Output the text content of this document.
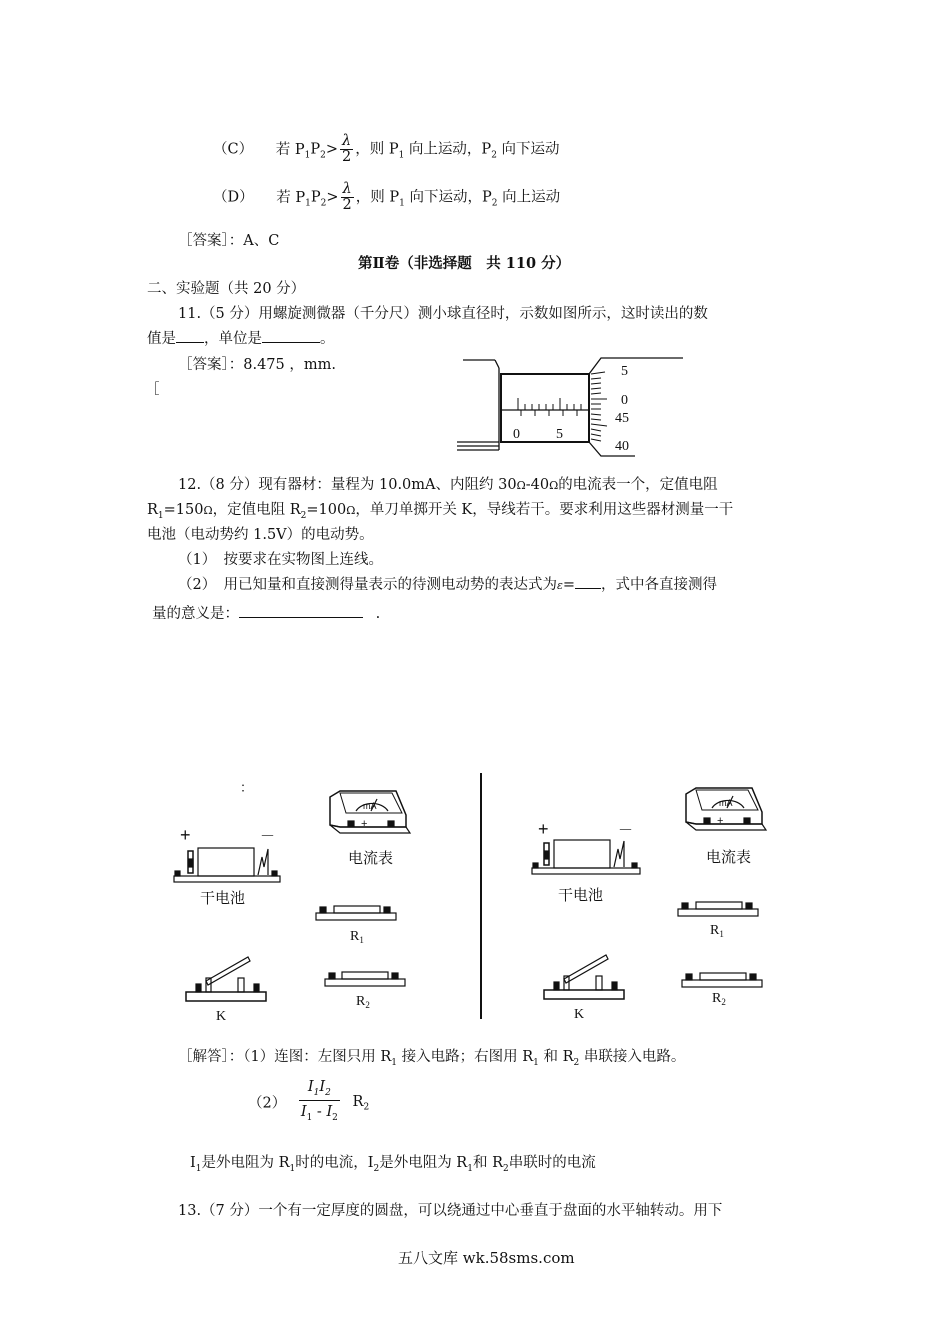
（C） 若 $P_1P_2> \frac{\lambda}{2}$ ，则 $P_1$ 向上运动，$P_2$ 向下运动
（D） 若 $P_1P_2> \frac{\lambda}{2}$ ，则 $P_1$ 向下运动，$P_2$ 向上运动
［答案］：A、C
第Ⅱ卷（非选择题　共 110 分）
二、实验题（共 20 分）
11.（5 分）用螺旋测微器（千分尺）测小球直径时，示数如图所示，这时读出的数
值是 ，单位是	。
［答案］：8.475 ，mm.
［
5
0
45
40
0	5
12.（8 分）现有器材：量程为 10.0mA、内阻约 30Ω-40Ω的电流表一个，定值电阻
$R_1=150\Omega$，定值电阻 $R_2=100\Omega$，单刀单掷开关 K，导线若干。要求利用这些器材测量一干
电池（电动势约 1.5V）的电动势。
（1）　按要求在实物图上连线。
（2）　用已知量和直接测得量表示的待测电动势的表达式为ε= ，式中各直接测得
量的意义是：	.
：
+	－
mA
+
干电池
电流表
$R_1$
$R_2$
K
+	－
mA
+
干电池
电流表
$R_1$
$R_2$
K
［解答］：（1）连图：左图只用 $R_1$ 接入电路；右图用 $R_1$ 和 $R_2$ 串联接入电路。
$(2) \frac{I_1I_2}{I_1 - I_2} R_2$
$I_1$是外电阻为 $R_1$时的电流，$I_2$是外电阻为 $R_1$和 $R_2$串联时的电流
13.（7 分）一个有一定厚度的圆盘，可以绕通过中心垂直于盘面的水平轴转动。用下
五八文库 wk.58sms.com
